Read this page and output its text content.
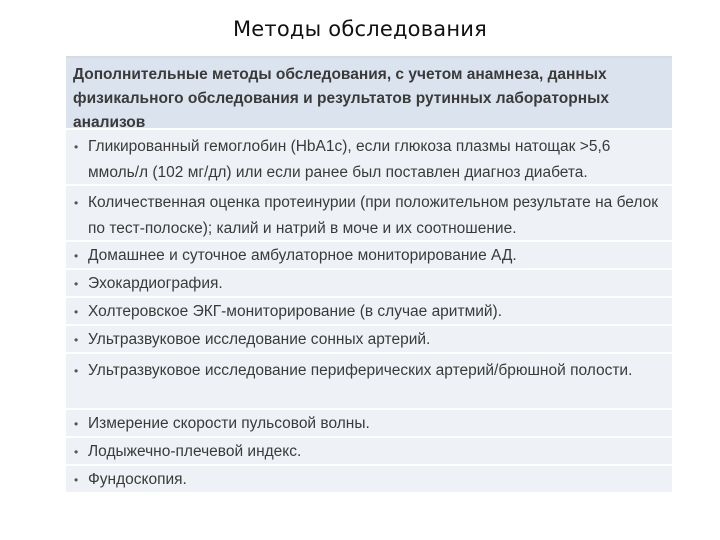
Методы обследования
Дополнительные методы обследования, с учетом анамнеза, данных физикального обследования и результатов рутинных лабораторных анализов
• Гликированный гемоглобин (HbA1c), если глюкоза плазмы натощак >5,6 ммоль/л (102 мг/дл) или если ранее был поставлен диагноз диабета.
• Количественная оценка протеинурии (при положительном результате на белок по тест-полоске); калий и натрий в моче и их соотношение.
• Домашнее и суточное амбулаторное мониторирование АД.
• Эхокардиография.
• Холтеровское ЭКГ-мониторирование (в случае аритмий).
• Ультразвуковое исследование сонных артерий.
• Ультразвуковое исследование периферических артерий/брюшной полости.
• Измерение скорости пульсовой волны.
• Лодыжечно-плечевой индекс.
• Фундоскопия.
